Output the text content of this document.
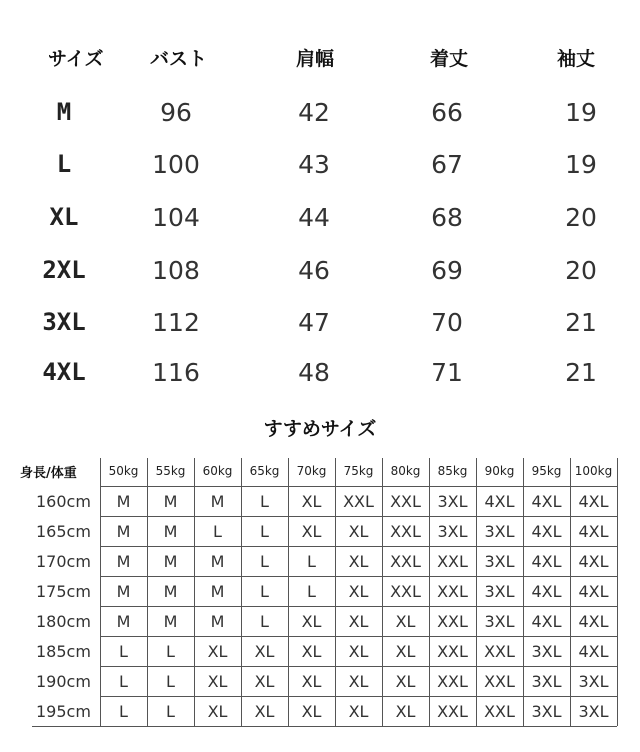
サイズ バスト	肩幅	着丈	袖丈
M	96	42	66	19
L	100	43	67	19
XL	104	44	68	20
2XL	108	46	69	20
3XL	112	47	70	21
4XL	116	48	71	21
すすめサイズ
身長/体重	50kg 55kg 60kg 65kg 70kg 75kg 80kg 85kg 90kg 95kg 100kg
160cm M M M L XL XXL XXL 3XL 4XL 4XL 4XL
165cm M M L L XL XL XXL 3XL 3XL 4XL 4XL
170cm M M M L L XL XXL XXL 3XL 4XL 4XL
175cm M M M L L XL XXL XXL 3XL 4XL 4XL
180cm M M M L XL XL XL XXL 3XL 4XL 4XL
185cm L L XL XL XL XL XL XXL XXL 3XL 4XL
190cm L L XL XL XL XL XL XXL XXL 3XL 3XL
195cm L L XL XL XL XL XL XXL XXL 3XL 3XL
